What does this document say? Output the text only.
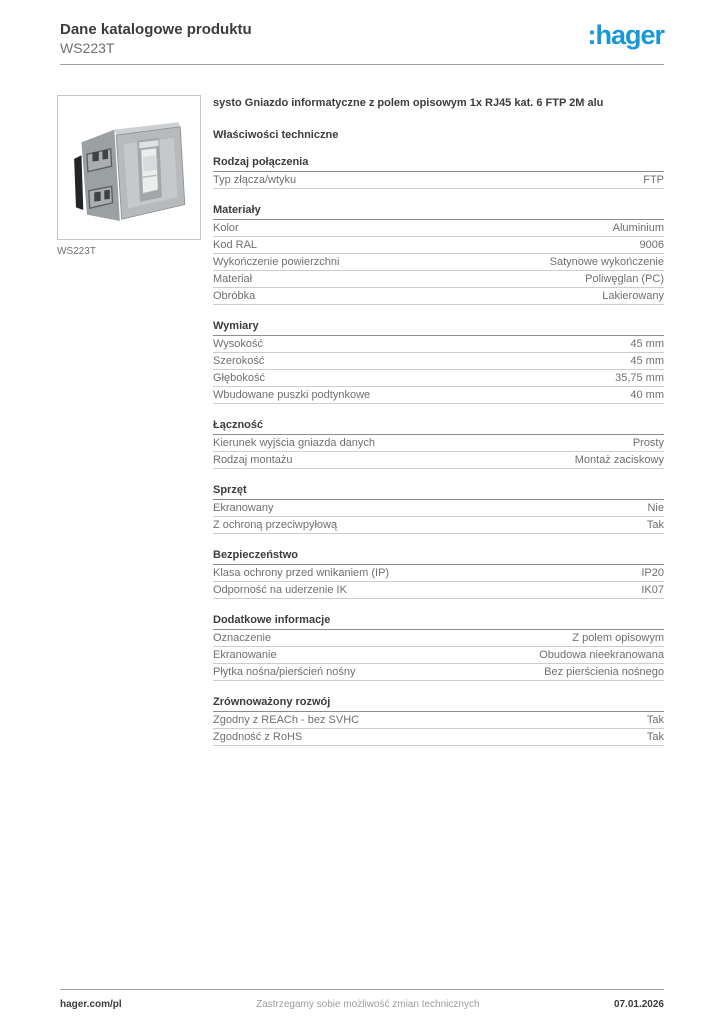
Dane katalogowe produktu
WS223T	:hager
WS223T
systo Gniazdo informatyczne z polem opisowym 1x RJ45 kat. 6 FTP 2M alu
Właściwości techniczne
Rodzaj połączenia
Typ złącza/wtyku	FTP
Materiały
Kolor	Aluminium
Kod RAL	9006
Wykończenie powierzchni	Satynowe wykończenie
Materiał	Poliwęglan (PC)
Obróbka	Lakierowany
Wymiary
Wysokość	45 mm
Szerokość	45 mm
Głębokość	35,75 mm
Wbudowane puszki podtynkowe	40 mm
Łączność
Kierunek wyjścia gniazda danych	Prosty
Rodzaj montażu	Montaż zaciskowy
Sprzęt
Ekranowany	Nie
Z ochroną przeciwpyłową	Tak
Bezpieczeństwo
Klasa ochrony przed wnikaniem (IP)	IP20
Odporność na uderzenie IK	IK07
Dodatkowe informacje
Oznaczenie	Z polem opisowym
Ekranowanie	Obudowa nieekranowana
Płytka nośna/pierścień nośny	Bez pierścienia nośnego
Zrównoważony rozwój
Zgodny z REACh - bez SVHC	Tak
Zgodność z RoHS	Tak
hager.com/pl	Zastrzegamy sobie możliwość zmian technicznych	07.01.2026
